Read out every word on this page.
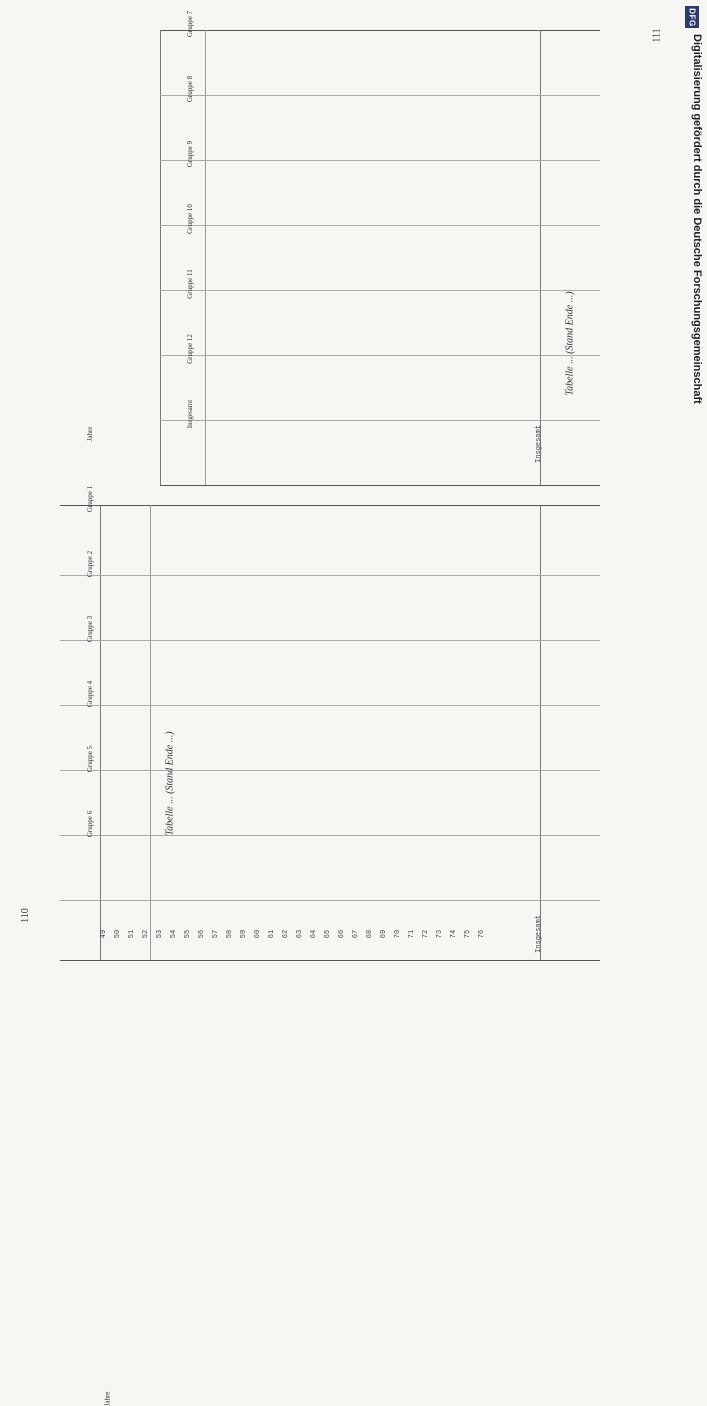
110
111
Tabelle ... (Stand Ende ...)
Tabelle ... (Stand Ende ...)
Jahre
Jahre
Gruppe 1
Gruppe 2
Gruppe 3
Gruppe 4
Gruppe 5
Gruppe 6
49 50 51 52 53 54 55 56 57 58 59 60 61 62 63 64 65 66 67 68 69 70 71 72 73 74 75 76	Insgesamt
Gruppe 7
Gruppe 8
Gruppe 9
Gruppe 10
Gruppe 11
Gruppe 12
Insgesamt
Insgesamt
DFG
Digitalisierung gefördert durch die Deutsche Forschungsgemeinschaft
